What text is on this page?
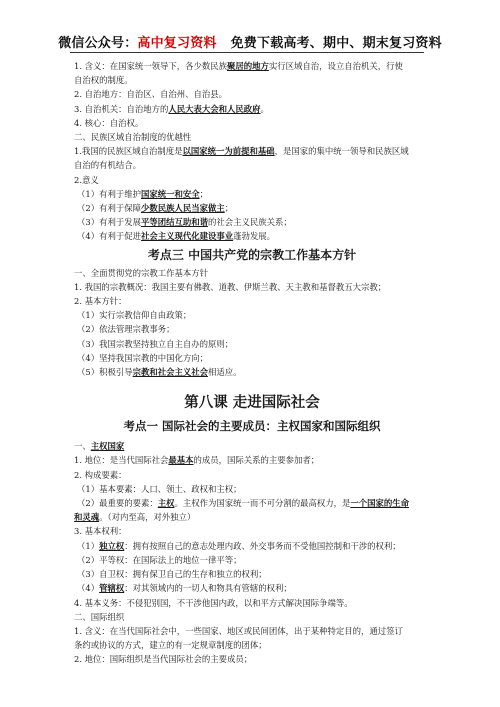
微信公众号：高中复习资料 免费下载高考、期中、期末复习资料
1. 含义：在国家统一领导下，各少数民族聚居的地方实行区域自治，设立自治机关，行使
自治权的制度。
2. 自治地方：自治区、自治州、自治县。
3. 自治机关：自治地方的人民大表大会和人民政府。
4. 核心：自治权。
二、民族区域自治制度的优越性
1.我国的民族区域自治制度是以国家统一为前提和基础，是国家的集中统一领导和民族区域
自治的有机结合。
2.意义
（1）有利于维护国家统一和安全；
（2）有利于保障少数民族人民当家做主；
（3）有利于发展平等团结互助和谐的社会主义民族关系；
（4）有利于促进社会主义现代化建设事业蓬勃发展。
考点三 中国共产党的宗教工作基本方针
一、全面贯彻党的宗教工作基本方针
1. 我国的宗教概况：我国主要有佛教、道教、伊斯兰教、天主教和基督教五大宗教；
2. 基本方针：
（1）实行宗教信仰自由政策；
（2）依法管理宗教事务；
（3）我国宗教坚持独立自主自办的原则；
（4）坚持我国宗教的中国化方向；
（5）积极引导宗教和社会主义社会相适应。
第八课 走进国际社会
考点一 国际社会的主要成员：主权国家和国际组织
一、主权国家
1. 地位：是当代国际社会最基本的成员，国际关系的主要参加者；
2. 构成要素：
（1）基本要素：人口、领土、政权和主权；
（2）最重要的要素：主权。主权作为国家统一而不可分割的最高权力，是一个国家的生命
和灵魂。（对内至高，对外独立）
3. 基本权利：
（1）独立权：拥有按照自己的意志处理内政、外交事务而不受他国控制和干涉的权利；
（2）平等权：在国际法上的地位一律平等；
（3）自卫权：拥有保卫自己的生存和独立的权利；
（4）管辖权：对其领域内的一切人和物具有管辖的权利；
4. 基本义务：不侵犯别国，不干涉他国内政，以和平方式解决国际争端等。
二、国际组织
1. 含义：在当代国际社会中，一些国家、地区或民间团体，出于某种特定目的，通过签订
条约或协议的方式，建立的有一定规章制度的团体；
2. 地位：国际组织是当代国际社会的主要成员；
